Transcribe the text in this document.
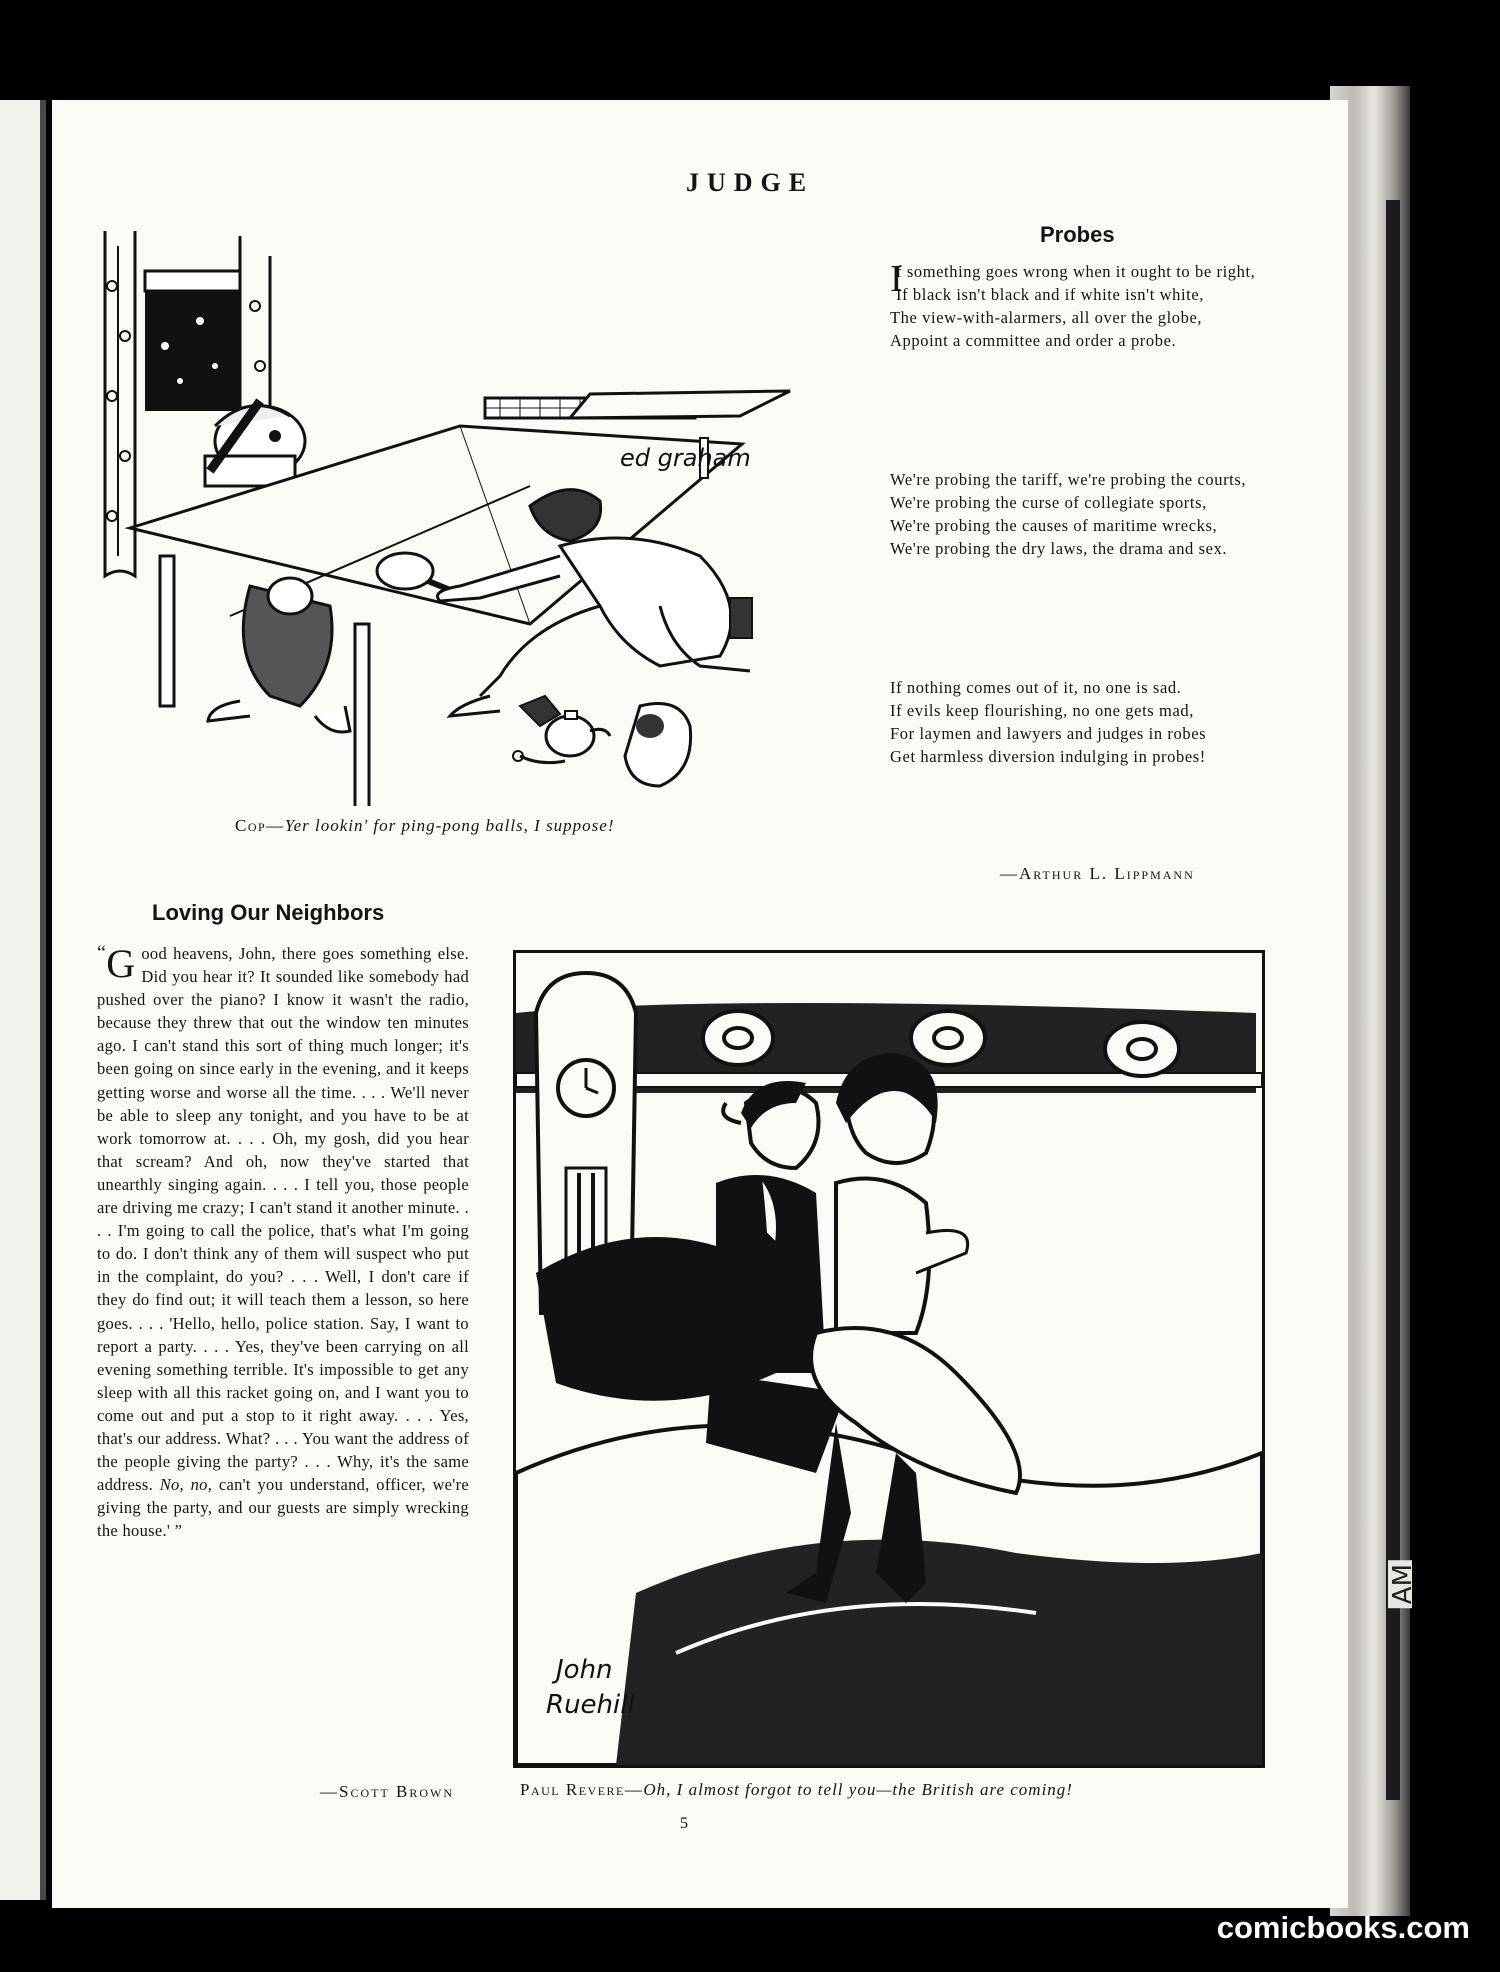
AM
JUDGE
ed graham
Cop—Yer lookin' for ping-pong balls, I suppose!
Probes

I
f something goes wrong when it ought to be right,

If black isn't black and if white isn't white,

The view-with-alarmers, all over the globe,

Appoint a committee and order a probe.

We're probing the tariff, we're probing the courts,

We're probing the curse of collegiate sports,

We're probing the causes of maritime wrecks,

We're probing the dry laws, the drama and sex.

If nothing comes out of it, no one is sad.

If evils keep flourishing, no one gets mad,

For laymen and lawyers and judges in robes

Get harmless diversion indulging in probes!

—Arthur L. Lippmann
Loving Our Neighbors
“ G ood heavens, John, there goes something else. Did you hear it? It sounded like somebody had pushed over the piano? I know it wasn't the radio, because they threw that out the window ten minutes ago. I can't stand this sort of thing much longer; it's been going on since early in the evening, and it keeps getting worse and worse all the time. . . . We'll never be able to sleep any tonight, and you have to be at work tomorrow at. . . . Oh, my gosh, did you hear that scream? And oh, now they've started that unearthly singing again. . . . I tell you, those people are driving me crazy; I can't stand it another minute. . . . I'm going to call the police, that's what I'm going to do. I don't think any of them will suspect who put in the complaint, do you? . . . Well, I don't care if they do find out; it will teach them a lesson, so here goes. . . . 'Hello, hello, police station. Say, I want to report a party. . . . Yes, they've been carrying on all evening something terrible. It's impossible to get any sleep with all this racket going on, and I want you to come out and put a stop to it right away. . . . Yes, that's our address. What? . . . You want the address of the people giving the party? . . . Why, it's the same address. No, no, can't you understand, officer, we're giving the party, and our guests are simply wrecking the house.' ”
—Scott Brown
John
Ruehill
Paul Revere—Oh, I almost forgot to tell you—the British are coming!
5
comicbooks.com
